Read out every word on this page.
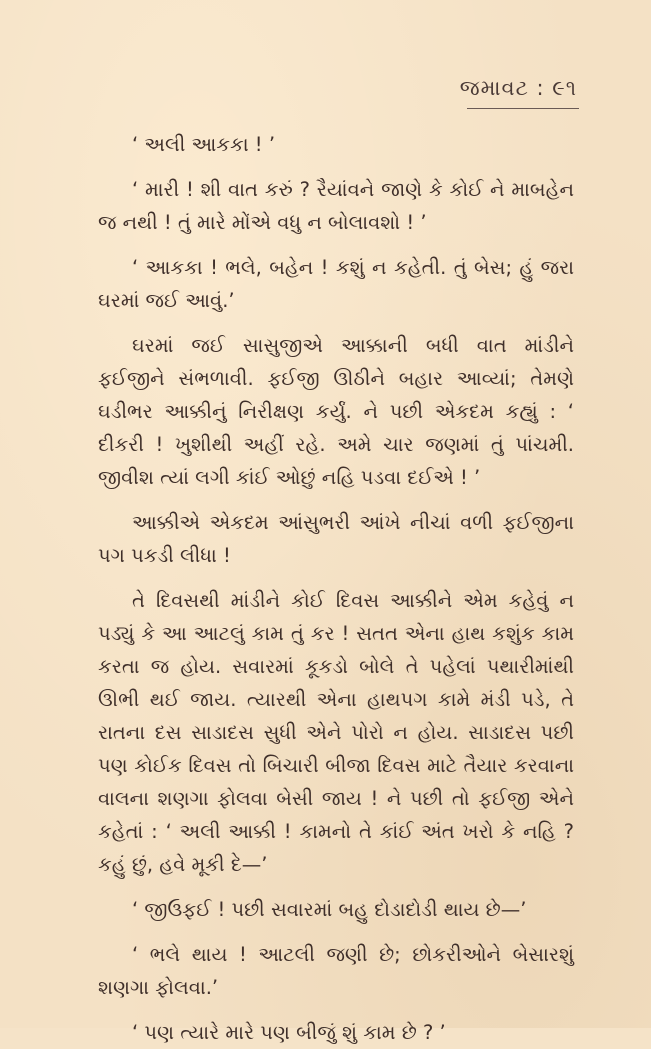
જમાવટ : ૯૧

‘ અલી આકકા ! ’

‘ મારી ! શી વાત કરું ? રૈયાંવને જાણે કે કોઈ ને માબહેન જ નથી ! તું મારે મોંએ વધુ ન બોલાવશો ! ’

‘ આકકા ! ભલે, બહેન ! કશું ન કહેતી. તું બેસ; હું જરા ઘરમાં જઈ આવું.’

ઘરમાં જઈ સાસુજીએ આક્કાની બધી વાત માંડીને ફઈજીને સંભળાવી. ફઈજી ઊઠીને બહાર આવ્યાં; તેમણે ઘડીભર આક્કીનું નિરીક્ષણ કર્યું. ને પછી એકદમ કહ્યું : ‘ દીકરી ! ખુશીથી અહીં રહે. અમે ચાર જણમાં તું પાંચમી. જીવીશ ત્યાં લગી કાંઈ ઓછું નહિ પડવા દઈએ ! ’

આક્કીએ એકદમ આંસુભરી આંખે નીચાં વળી ફઈજીના પગ પકડી લીધા !

તે દિવસથી માંડીને કોઈ દિવસ આક્કીને એમ કહેવું ન પડ્યું કે આ આટલું કામ તું કર ! સતત એના હાથ કશુંક કામ કરતા જ હોય. સવારમાં કૂકડો બોલે તે પહેલાં પથારીમાંથી ઊભી થઈ જાય. ત્યારથી એના હાથપગ કામે મંડી પડે, તે રાતના દસ સાડાદસ સુધી એને પોરો ન હોય. સાડાદસ પછી પણ કોઈક દિવસ તો બિચારી બીજા દિવસ માટે તૈયાર કરવાના વાલના શણગા ફોલવા બેસી જાય ! ને પછી તો ફઈજી એને કહેતાં : ‘ અલી આક્કી ! કામનો તે કાંઈ અંત ખરો કે નહિ ? કહું છું, હવે મૂકી દે—’

‘ જીઉફઈ ! પછી સવારમાં બહુ દોડાદોડી થાય છે—’

‘ ભલે થાય ! આટલી જણી છે; છોકરીઓને બેસારશું શણગા ફોલવા.’

‘ પણ ત્યારે મારે પણ બીજું શું કામ છે ? ’
